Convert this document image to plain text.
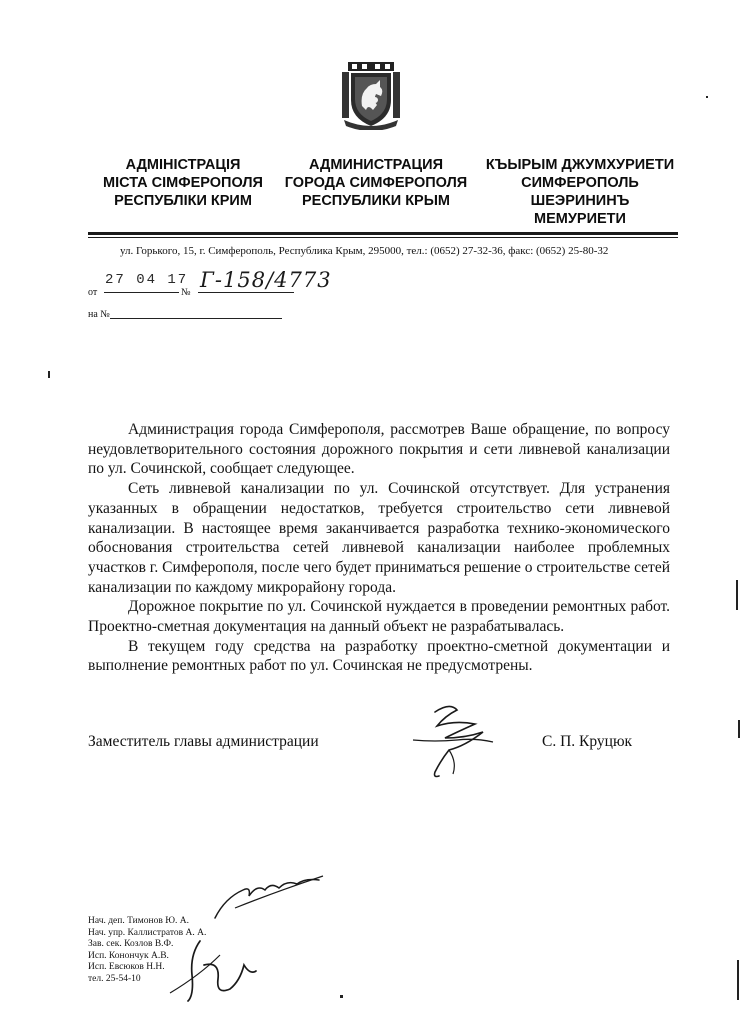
АДМІНІСТРАЦІЯ
МІСТА СІМФЕРОПОЛЯ
РЕСПУБЛІКИ КРИМ
АДМИНИСТРАЦИЯ
ГОРОДА СИМФЕРОПОЛЯ
РЕСПУБЛИКИ КРЫМ
КЪЫРЫМ ДЖУМХУРИЕТИ
СИМФЕРОПОЛЬ
ШЕЭРИНИНЪ
МЕМУРИЕТИ
ул. Горького, 15, г. Симферополь, Республика Крым, 295000, тел.: (0652) 27-32-36, факс: (0652) 25-80-32
от
27 04 17
№
Г-158/4773
на №

Администрация города Симферополя, рассмотрев Ваше обращение, по вопросу неудовлетворительного состояния дорожного покрытия и сети ливневой канализации по ул. Сочинской, сообщает следующее.

Сеть ливневой канализации по ул. Сочинской отсутствует. Для устранения указанных в обращении недостатков, требуется строительство сети ливневой канализации. В настоящее время заканчивается разработка технико-экономического обоснования строительства сетей ливневой канализации наиболее проблемных участков г. Симферополя, после чего будет приниматься решение о строительстве сетей канализации по каждому микрорайону города.

Дорожное покрытие по ул. Сочинской нуждается в проведении ремонтных работ. Проектно-сметная документация на данный объект не разрабатывалась.

В текущем году средства на разработку проектно-сметной документации и выполнение ремонтных работ по ул. Сочинская не предусмотрены.

Заместитель главы администрации	С. П. Круцюк
Нач. деп. Тимонов Ю. А.
Нач. упр. Каллистратов А. А.
Зав. сек. Козлов В.Ф.
Исп. Конончук А.В.
Исп. Евсюков Н.Н.
тел. 25-54-10
